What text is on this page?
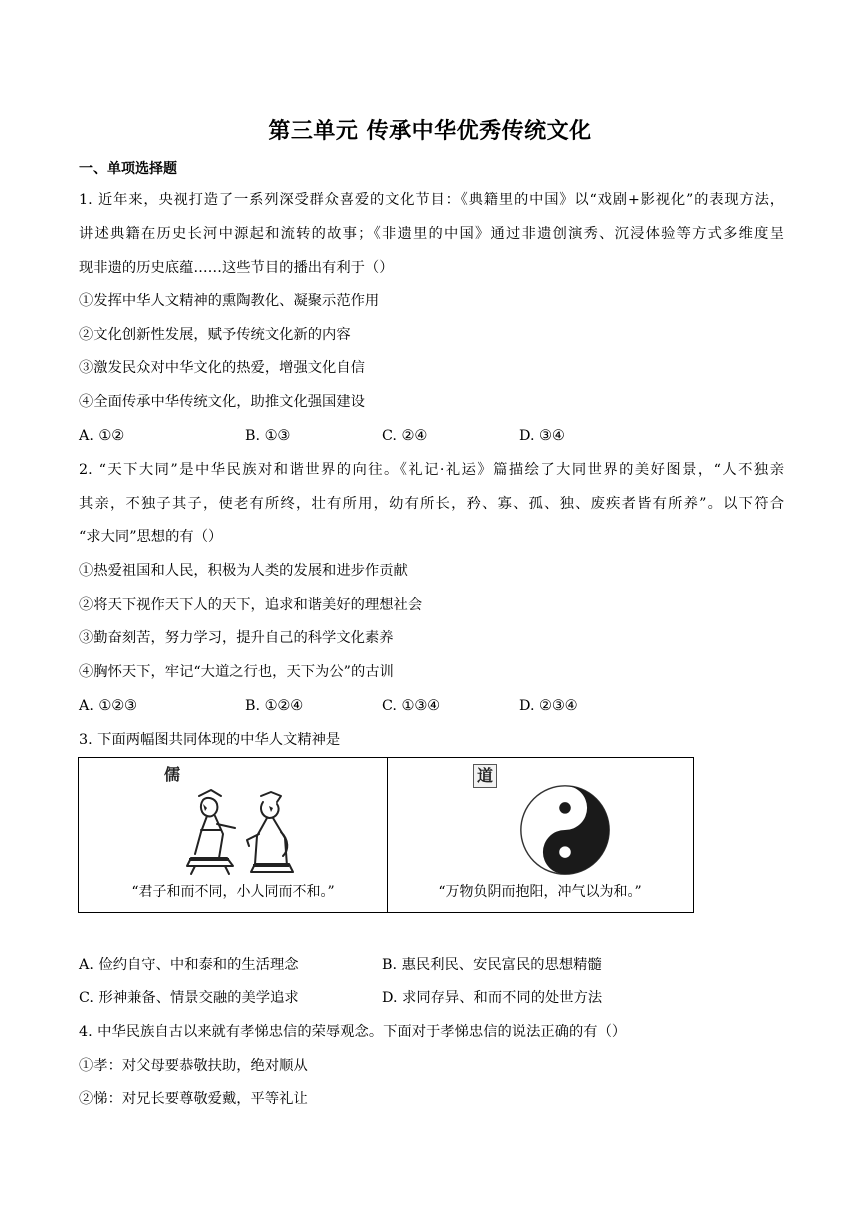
第三单元 传承中华优秀传统文化
一、单项选择题
1. 近年来，央视打造了一系列深受群众喜爱的文化节目：《典籍里的中国》以“戏剧+影视化”的表现方法，
讲述典籍在历史长河中源起和流转的故事；《非遗里的中国》通过非遗创演秀、沉浸体验等方式多维度呈
现非遗的历史底蕴……这些节目的播出有利于（）
①发挥中华人文精神的熏陶教化、凝聚示范作用
②文化创新性发展，赋予传统文化新的内容
③激发民众对中华文化的热爱，增强文化自信
④全面传承中华传统文化，助推文化强国建设
A. ①②	B. ①③	C. ②④	D. ③④
2. “天下大同”是中华民族对和谐世界的向往。《礼记·礼运》篇描绘了大同世界的美好图景，“人不独亲
其亲，不独子其子，使老有所终，壮有所用，幼有所长，矜、寡、孤、独、废疾者皆有所养”。以下符合
“求大同”思想的有（）
①热爱祖国和人民，积极为人类的发展和进步作贡献
②将天下视作天下人的天下，追求和谐美好的理想社会
③勤奋刻苦，努力学习，提升自己的科学文化素养
④胸怀天下，牢记“大道之行也，天下为公”的古训
A. ①②③	B. ①②④	C. ①③④	D. ②③④
3. 下面两幅图共同体现的中华人文精神是
儒
“君子和而不同，小人同而不和。”
道
“万物负阴而抱阳，冲气以为和。”
A. 俭约自守、中和泰和的生活理念	B. 惠民利民、安民富民的思想精髓
C. 形神兼备、情景交融的美学追求	D. 求同存异、和而不同的处世方法
4. 中华民族自古以来就有孝悌忠信的荣辱观念。下面对于孝悌忠信的说法正确的有（）
①孝：对父母要恭敬扶助，绝对顺从
②悌：对兄长要尊敬爱戴，平等礼让
